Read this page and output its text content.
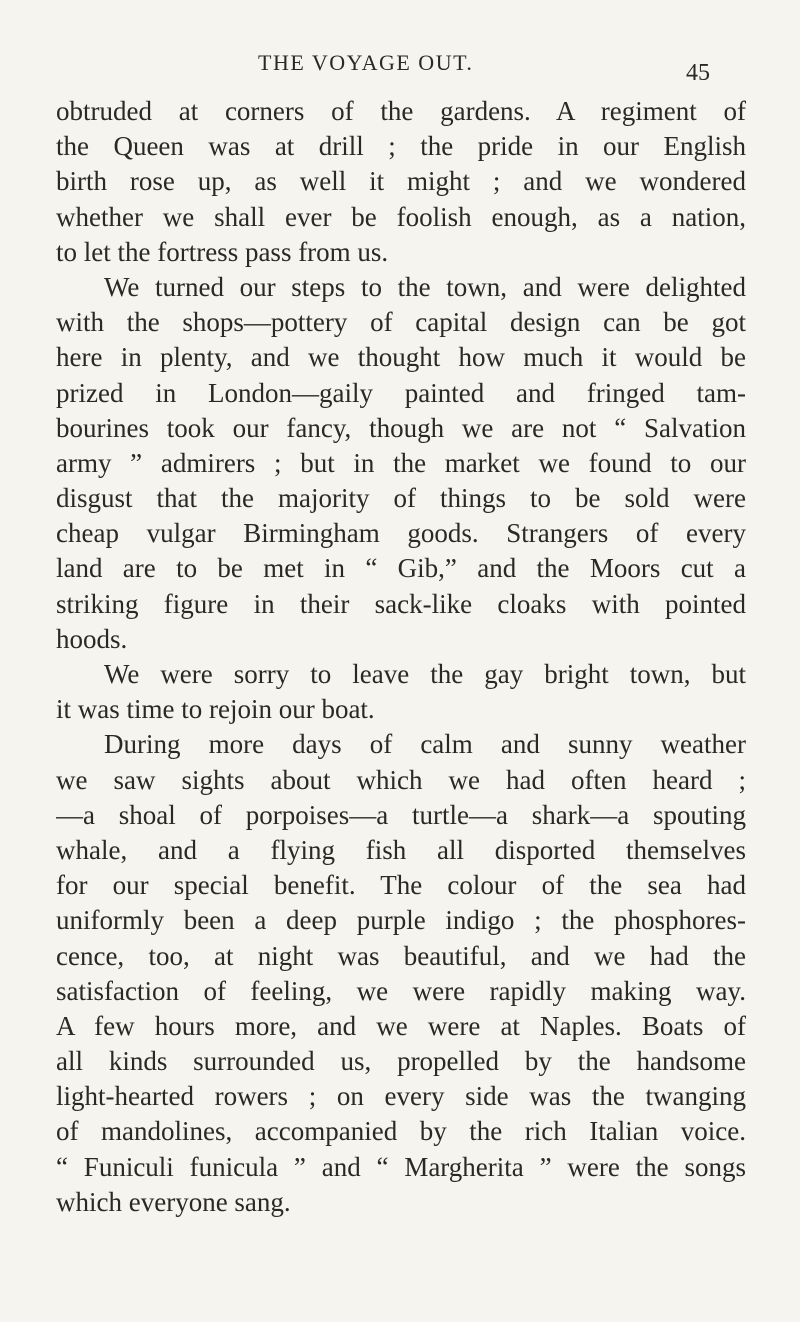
THE VOYAGE OUT.	45
obtruded at corners of the gardens. A regiment of
the Queen was at drill ; the pride in our English
birth rose up, as well it might ; and we wondered
whether we shall ever be foolish enough, as a nation,
to let the fortress pass from us.
We turned our steps to the town, and were delighted
with the shops—pottery of capital design can be got
here in plenty, and we thought how much it would be
prized in London—gaily painted and fringed tam-
bourines took our fancy, though we are not “ Salvation
army ” admirers ; but in the market we found to our
disgust that the majority of things to be sold were
cheap vulgar Birmingham goods. Strangers of every
land are to be met in “ Gib,” and the Moors cut a
striking figure in their sack-like cloaks with pointed
hoods.
We were sorry to leave the gay bright town, but
it was time to rejoin our boat.
During more days of calm and sunny weather
we saw sights about which we had often heard ;
—a shoal of porpoises—a turtle—a shark—a spouting
whale, and a flying fish all disported themselves
for our special benefit. The colour of the sea had
uniformly been a deep purple indigo ; the phosphores-
cence, too, at night was beautiful, and we had the
satisfaction of feeling, we were rapidly making way.
A few hours more, and we were at Naples. Boats of
all kinds surrounded us, propelled by the handsome
light-hearted rowers ; on every side was the twanging
of mandolines, accompanied by the rich Italian voice.
“ Funiculi funicula ” and “ Margherita ” were the songs
which everyone sang.
